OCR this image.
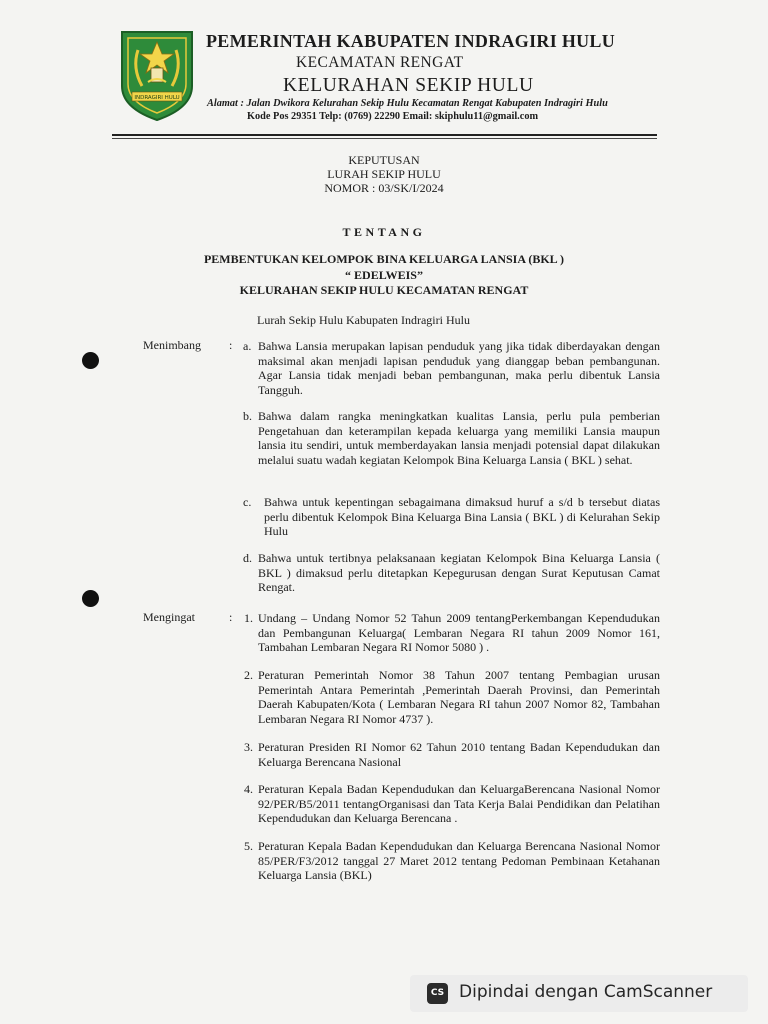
INDRAGIRI HULU
PEMERINTAH KABUPATEN INDRAGIRI HULU
KECAMATAN RENGAT
KELURAHAN SEKIP HULU
Alamat : Jalan Dwikora Kelurahan Sekip Hulu Kecamatan Rengat Kabupaten Indragiri Hulu
Kode Pos 29351 Telp: (0769) 22290 Email: skiphulu11@gmail.com
KEPUTUSAN
LURAH SEKIP HULU
NOMOR : 03/SK/I/2024
TENTANG
PEMBENTUKAN KELOMPOK BINA KELUARGA LANSIA (BKL )
“ EDELWEIS”
KELURAHAN SEKIP HULU KECAMATAN RENGAT
Lurah Sekip Hulu Kabupaten Indragiri Hulu
Menimbang : a. Bahwa Lansia merupakan lapisan penduduk yang jika tidak diberdayakan dengan maksimal akan menjadi lapisan penduduk yang dianggap beban pembangunan. Agar Lansia tidak menjadi beban pembangunan, maka perlu dibentuk Lansia Tangguh.
b. Bahwa dalam rangka meningkatkan kualitas Lansia, perlu pula pemberian Pengetahuan dan keterampilan kepada keluarga yang memiliki Lansia maupun lansia itu sendiri, untuk memberdayakan lansia menjadi potensial dapat dilakukan melalui suatu wadah kegiatan Kelompok Bina Keluarga Lansia ( BKL ) sehat.
c. Bahwa untuk kepentingan sebagaimana dimaksud huruf a s/d b tersebut diatas perlu dibentuk Kelompok Bina Keluarga Bina Lansia ( BKL ) di Kelurahan Sekip Hulu
d. Bahwa untuk tertibnya pelaksanaan kegiatan Kelompok Bina Keluarga Lansia ( BKL ) dimaksud perlu ditetapkan Kepegurusan dengan Surat Keputusan Camat Rengat.
Mengingat	: 1. Undang – Undang Nomor 52 Tahun 2009 tentangPerkembangan Kependudukan dan Pembangunan Keluarga( Lembaran Negara RI tahun 2009 Nomor 161, Tambahan Lembaran Negara RI Nomor 5080 ) .
2. Peraturan Pemerintah Nomor 38 Tahun 2007 tentang Pembagian urusan Pemerintah Antara Pemerintah ,Pemerintah Daerah Provinsi, dan Pemerintah Daerah Kabupaten/Kota ( Lembaran Negara RI tahun 2007 Nomor 82, Tambahan Lembaran Negara RI Nomor 4737 ).
3. Peraturan Presiden RI Nomor 62 Tahun 2010 tentang Badan Kependudukan dan Keluarga Berencana Nasional
4. Peraturan Kepala Badan Kependudukan dan KeluargaBerencana Nasional Nomor 92/PER/B5/2011 tentangOrganisasi dan Tata Kerja Balai Pendidikan dan Pelatihan Kependudukan dan Keluarga Berencana .
5. Peraturan Kepala Badan Kependudukan dan Keluarga Berencana Nasional Nomor 85/PER/F3/2012 tanggal 27 Maret 2012 tentang Pedoman Pembinaan Ketahanan Keluarga Lansia (BKL)
CS Dipindai dengan CamScanner
